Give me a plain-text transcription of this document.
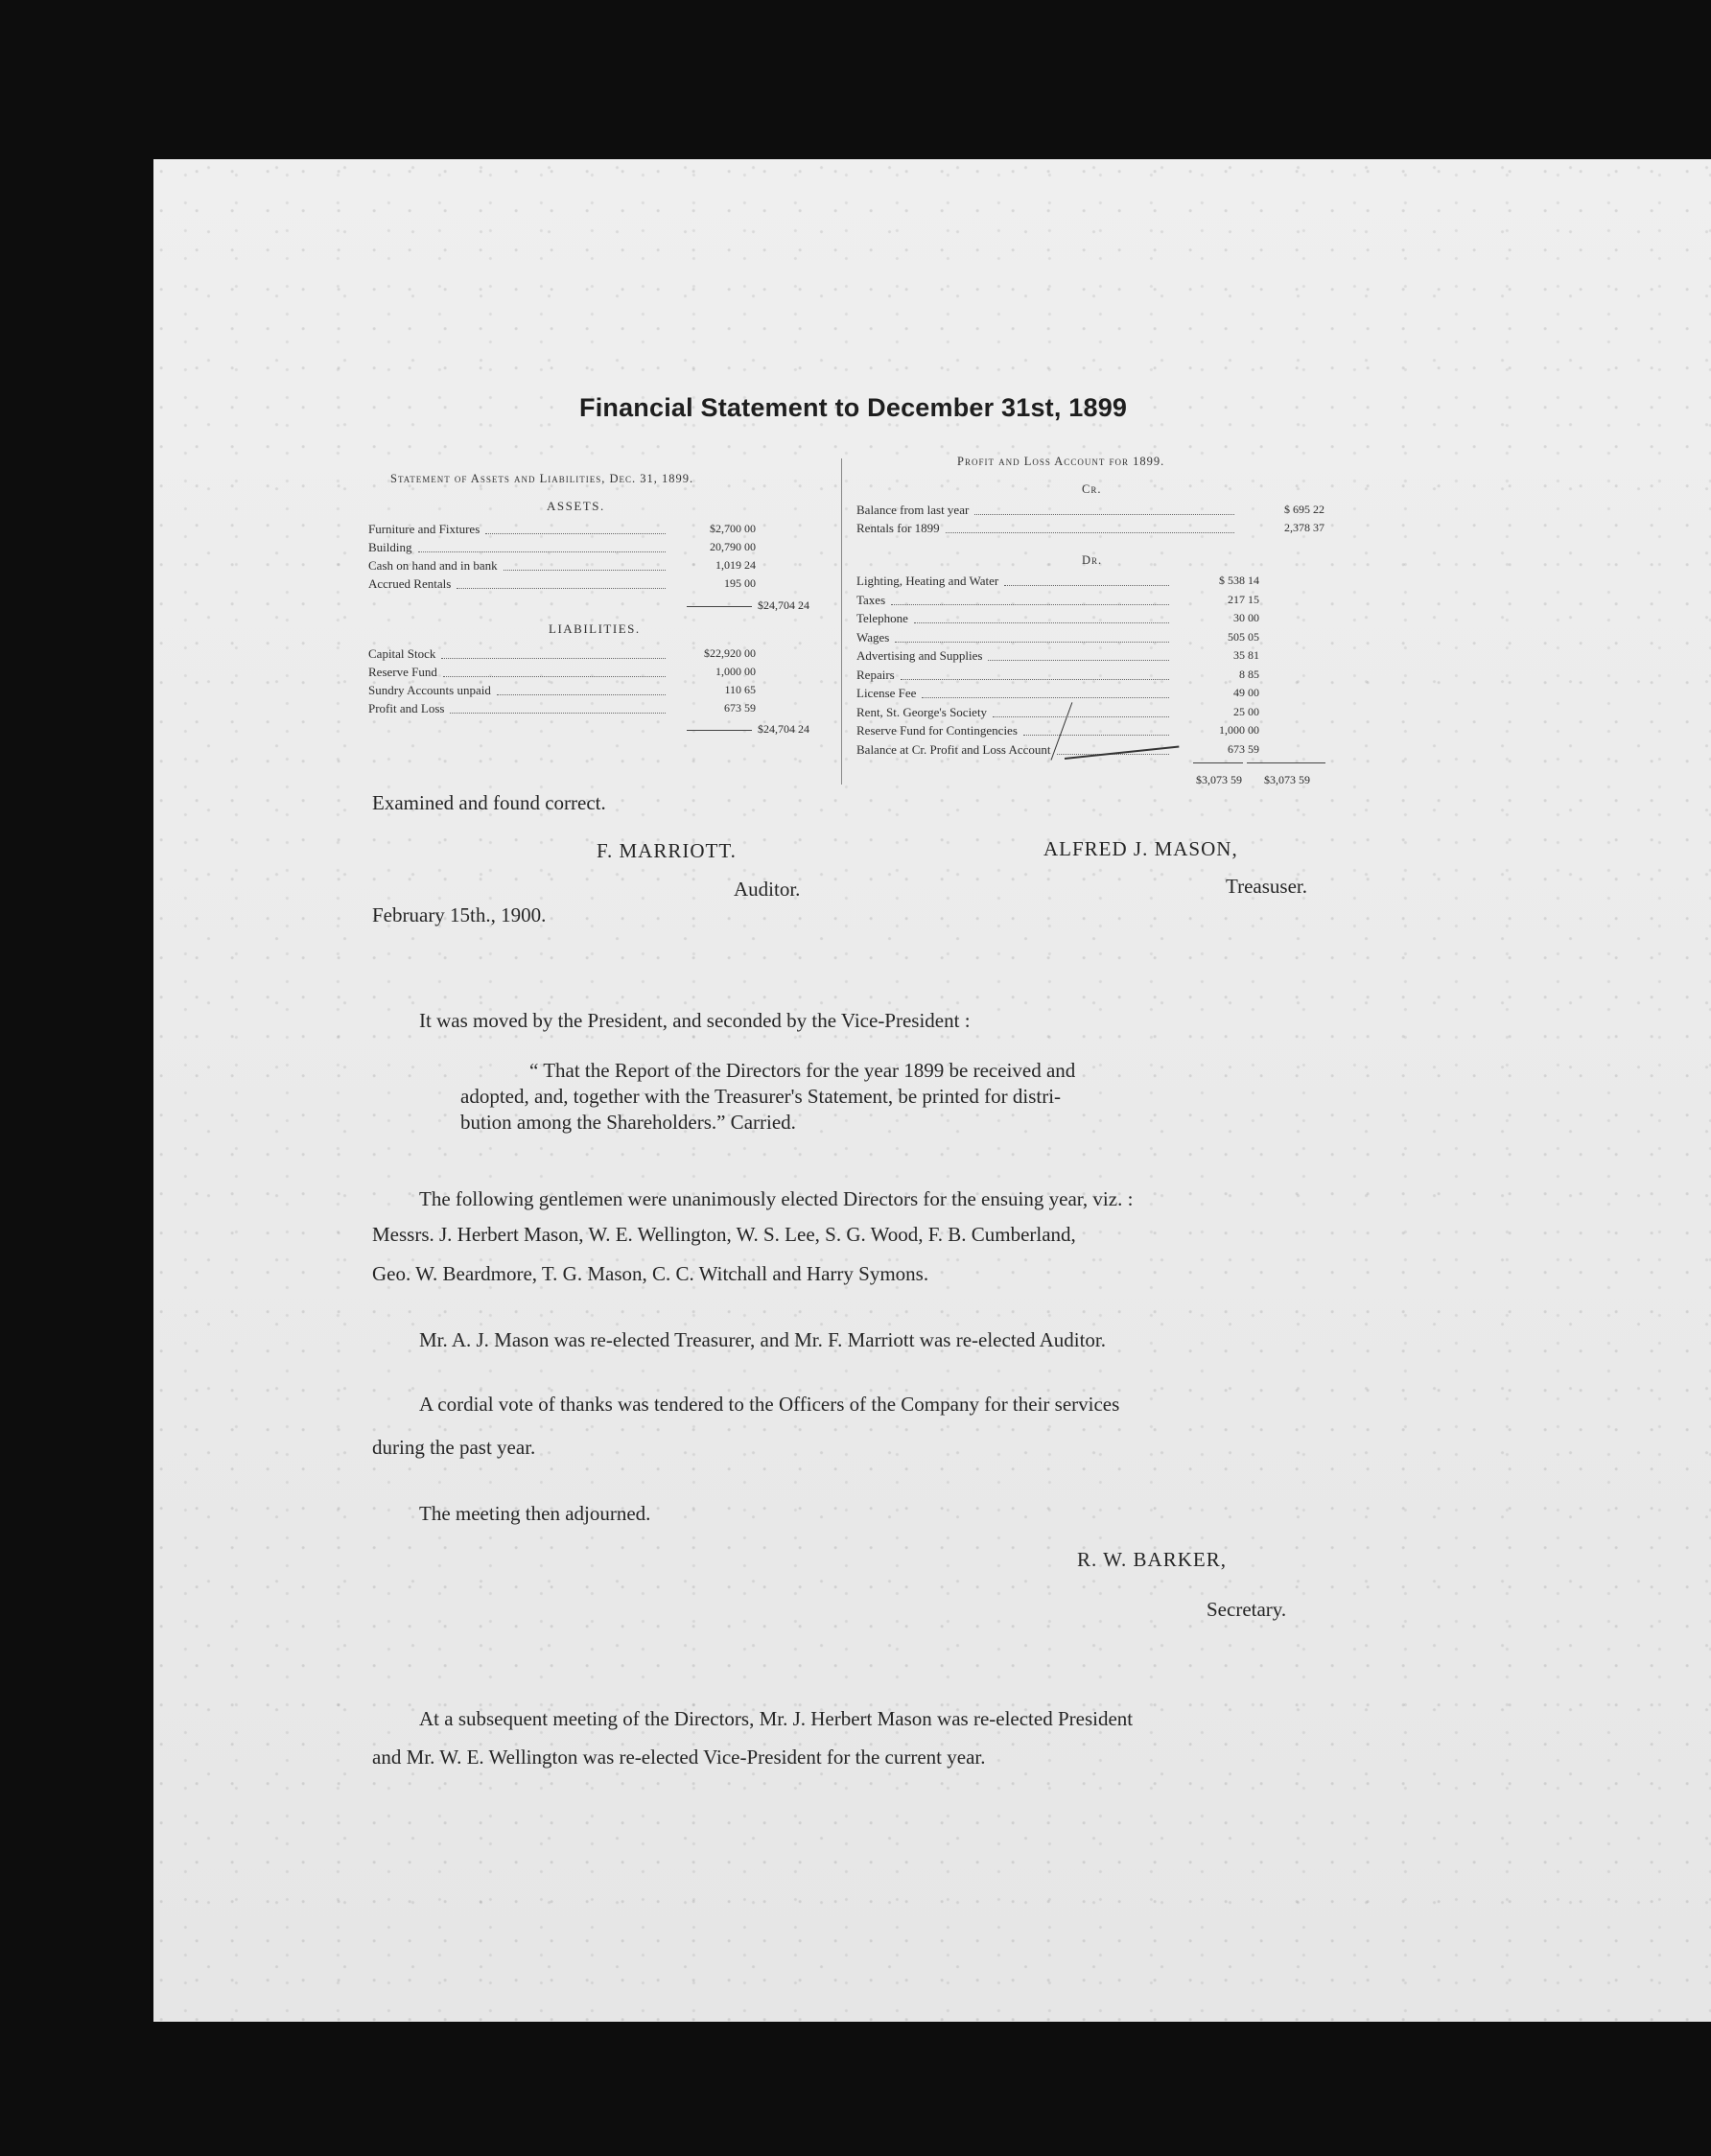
Financial Statement to December 31st, 1899
Statement of Assets and Liabilities, Dec. 31, 1899.
ASSETS.
Furniture and Fixtures	$2,700 00
Building	20,790 00
Cash on hand and in bank	1,019 24
Accrued Rentals	195 00
$24,704 24
LIABILITIES.
Capital Stock	$22,920 00
Reserve Fund	1,000 00
Sundry Accounts unpaid	110 65
Profit and Loss	673 59
$24,704 24
Profit and Loss Account for 1899.
Cr.
Balance from last year	$ 695 22
Rentals for 1899	2,378 37
Dr.
Lighting, Heating and Water	$ 538 14
Taxes	217 15
Telephone	30 00
Wages	505 05
Advertising and Supplies	35 81
Repairs	8 85
License Fee	49 00
Rent, St. George's Society	25 00
Reserve Fund for Contingencies	1,000 00
Balance at Cr. Profit and Loss Account	673 59
$3,073 59 $3,073 59
Examined and found correct.
F. MARRIOTT.	ALFRED J. MASON,
Auditor.	Treasuser.
February 15th., 1900.
It was moved by the President, and seconded by the Vice-President :
“ That the Report of the Directors for the year 1899 be received and
adopted, and, together with the Treasurer's Statement, be printed for distri-
bution among the Shareholders.” Carried.
The following gentlemen were unanimously elected Directors for the ensuing year, viz. :
Messrs. J. Herbert Mason, W. E. Wellington, W. S. Lee, S. G. Wood, F. B. Cumberland,
Geo. W. Beardmore, T. G. Mason, C. C. Witchall and Harry Symons.
Mr. A. J. Mason was re-elected Treasurer, and Mr. F. Marriott was re-elected Auditor.
A cordial vote of thanks was tendered to the Officers of the Company for their services
during the past year.
The meeting then adjourned.
R. W. BARKER,
Secretary.
At a subsequent meeting of the Directors, Mr. J. Herbert Mason was re-elected President
and Mr. W. E. Wellington was re-elected Vice-President for the current year.
